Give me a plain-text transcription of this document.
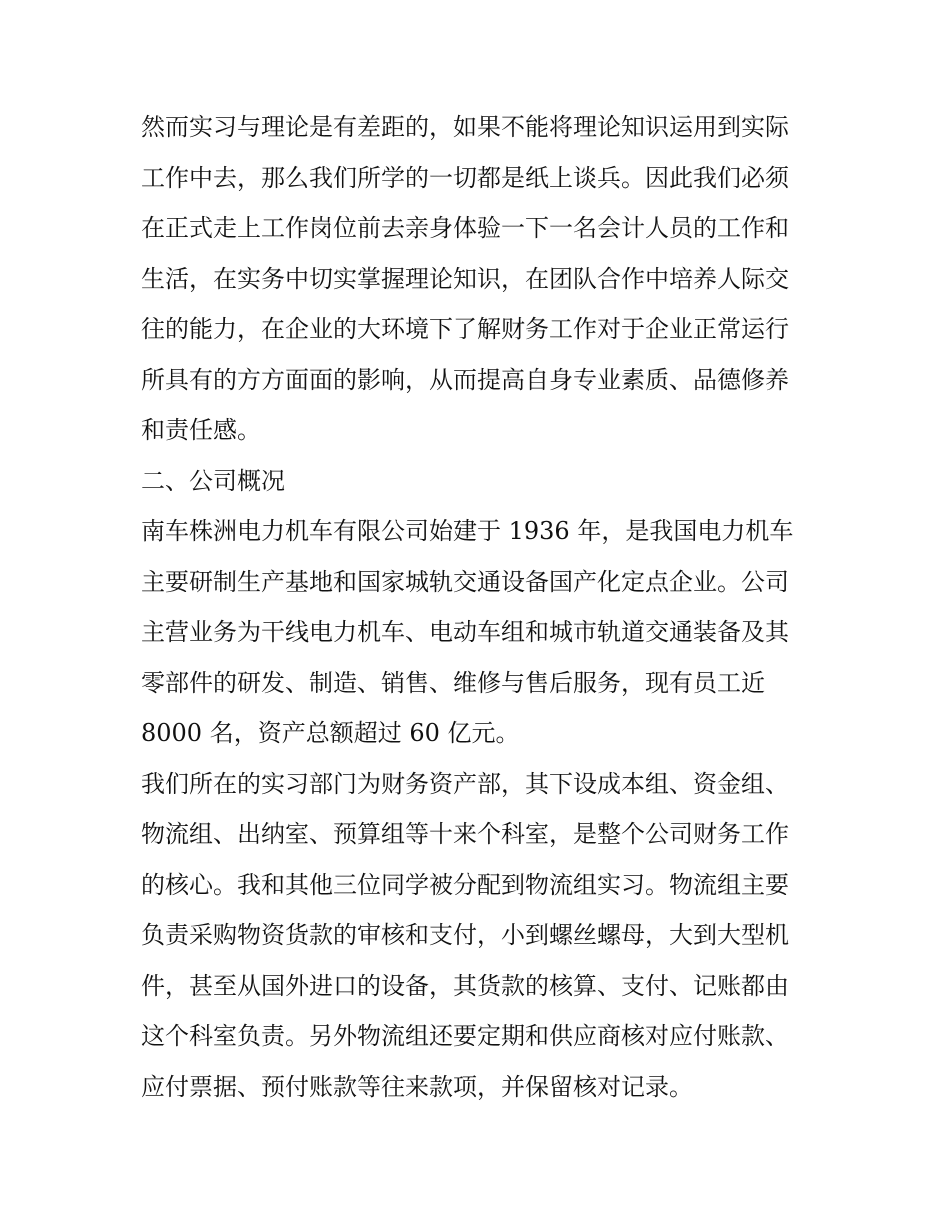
然而实习与理论是有差距的，如果不能将理论知识运用到实际
工作中去，那么我们所学的一切都是纸上谈兵。因此我们必须
在正式走上工作岗位前去亲身体验一下一名会计人员的工作和
生活，在实务中切实掌握理论知识，在团队合作中培养人际交
往的能力，在企业的大环境下了解财务工作对于企业正常运行
所具有的方方面面的影响，从而提高自身专业素质、品德修养
和责任感。
二、公司概况
南车株洲电力机车有限公司始建于 1936 年，是我国电力机车
主要研制生产基地和国家城轨交通设备国产化定点企业。公司
主营业务为干线电力机车、电动车组和城市轨道交通装备及其
零部件的研发、制造、销售、维修与售后服务，现有员工近
8000 名，资产总额超过 60 亿元。
我们所在的实习部门为财务资产部，其下设成本组、资金组、
物流组、出纳室、预算组等十来个科室，是整个公司财务工作
的核心。我和其他三位同学被分配到物流组实习。物流组主要
负责采购物资货款的审核和支付，小到螺丝螺母，大到大型机
件，甚至从国外进口的设备，其货款的核算、支付、记账都由
这个科室负责。另外物流组还要定期和供应商核对应付账款、
应付票据、预付账款等往来款项，并保留核对记录。
